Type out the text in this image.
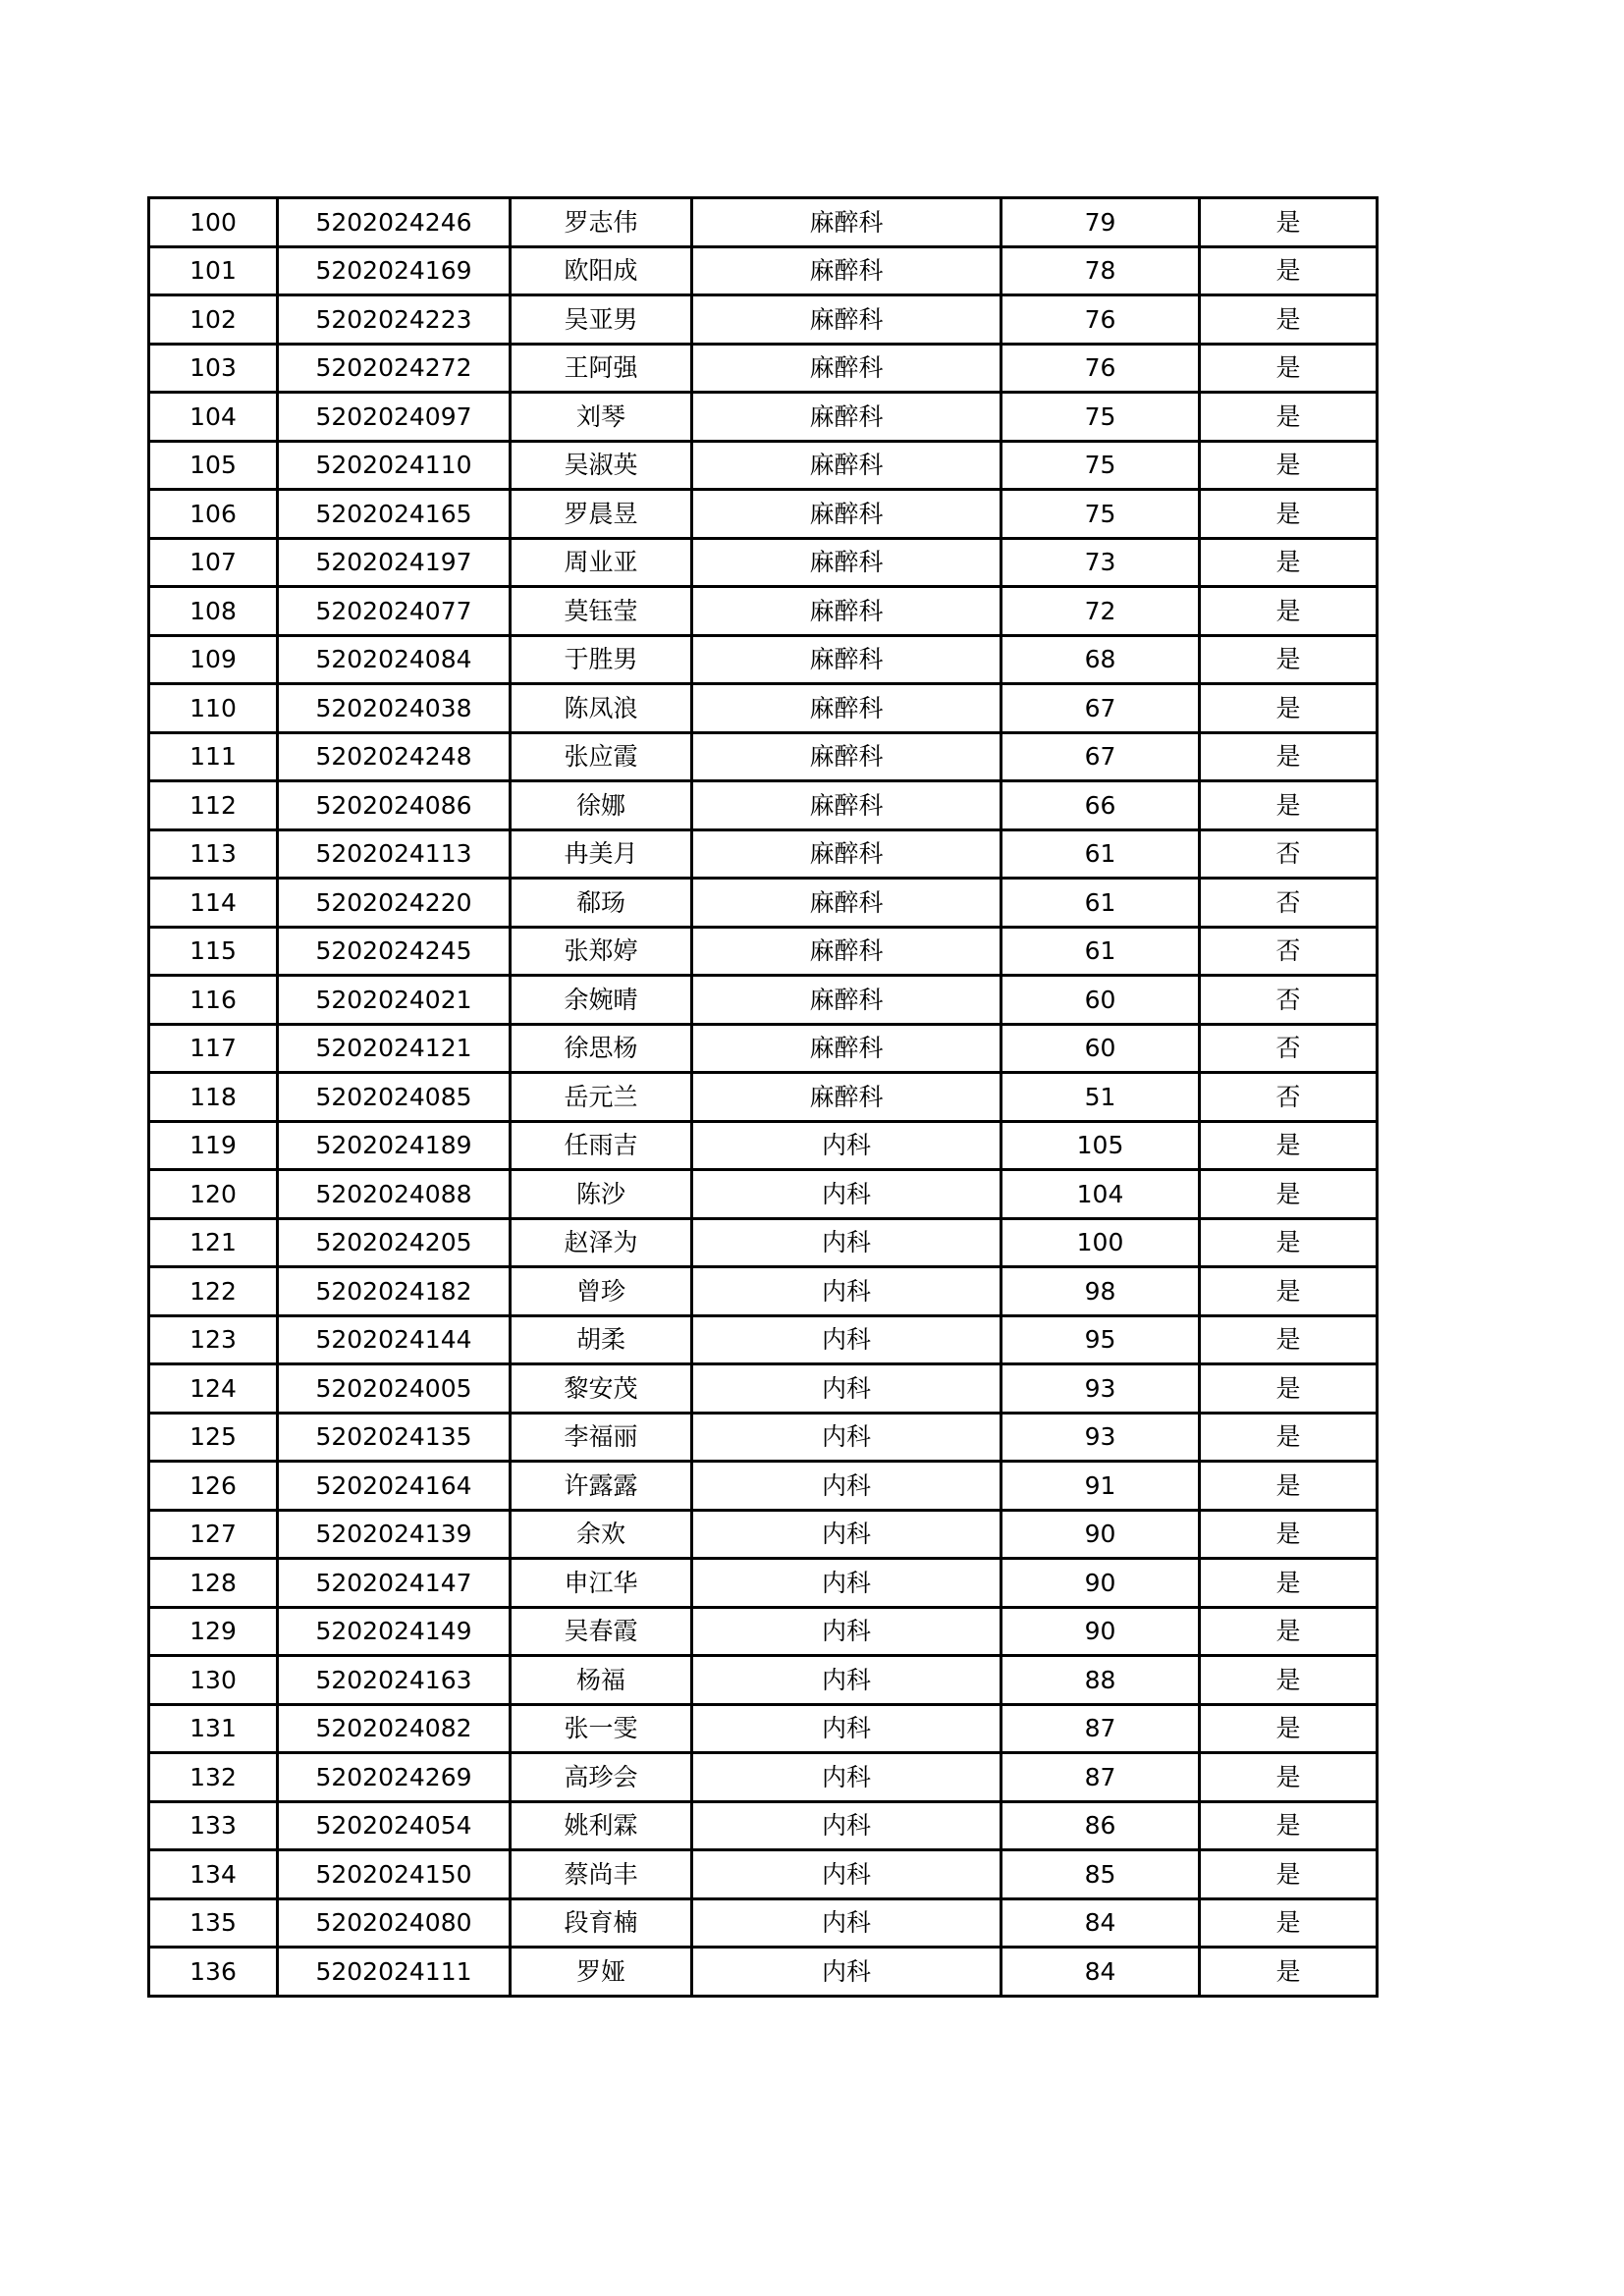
100	5202024246	罗志伟	麻醉科	79	是
101	5202024169	欧阳成	麻醉科	78	是
102	5202024223	吴亚男	麻醉科	76	是
103	5202024272	王阿强	麻醉科	76	是
104	5202024097	刘琴	麻醉科	75	是
105	5202024110	吴淑英	麻醉科	75	是
106	5202024165	罗晨昱	麻醉科	75	是
107	5202024197	周业亚	麻醉科	73	是
108	5202024077	莫钰莹	麻醉科	72	是
109	5202024084	于胜男	麻醉科	68	是
110	5202024038	陈凤浪	麻醉科	67	是
111	5202024248	张应霞	麻醉科	67	是
112	5202024086	徐娜	麻醉科	66	是
113	5202024113	冉美月	麻醉科	61	否
114	5202024220	郗玚	麻醉科	61	否
115	5202024245	张郑婷	麻醉科	61	否
116	5202024021	余婉晴	麻醉科	60	否
117	5202024121	徐思杨	麻醉科	60	否
118	5202024085	岳元兰	麻醉科	51	否
119	5202024189	任雨吉	内科	105	是
120	5202024088	陈沙	内科	104	是
121	5202024205	赵泽为	内科	100	是
122	5202024182	曾珍	内科	98	是
123	5202024144	胡柔	内科	95	是
124	5202024005	黎安茂	内科	93	是
125	5202024135	李福丽	内科	93	是
126	5202024164	许露露	内科	91	是
127	5202024139	余欢	内科	90	是
128	5202024147	申江华	内科	90	是
129	5202024149	吴春霞	内科	90	是
130	5202024163	杨福	内科	88	是
131	5202024082	张一雯	内科	87	是
132	5202024269	高珍会	内科	87	是
133	5202024054	姚利霖	内科	86	是
134	5202024150	蔡尚丰	内科	85	是
135	5202024080	段育楠	内科	84	是
136	5202024111	罗娅	内科	84	是
